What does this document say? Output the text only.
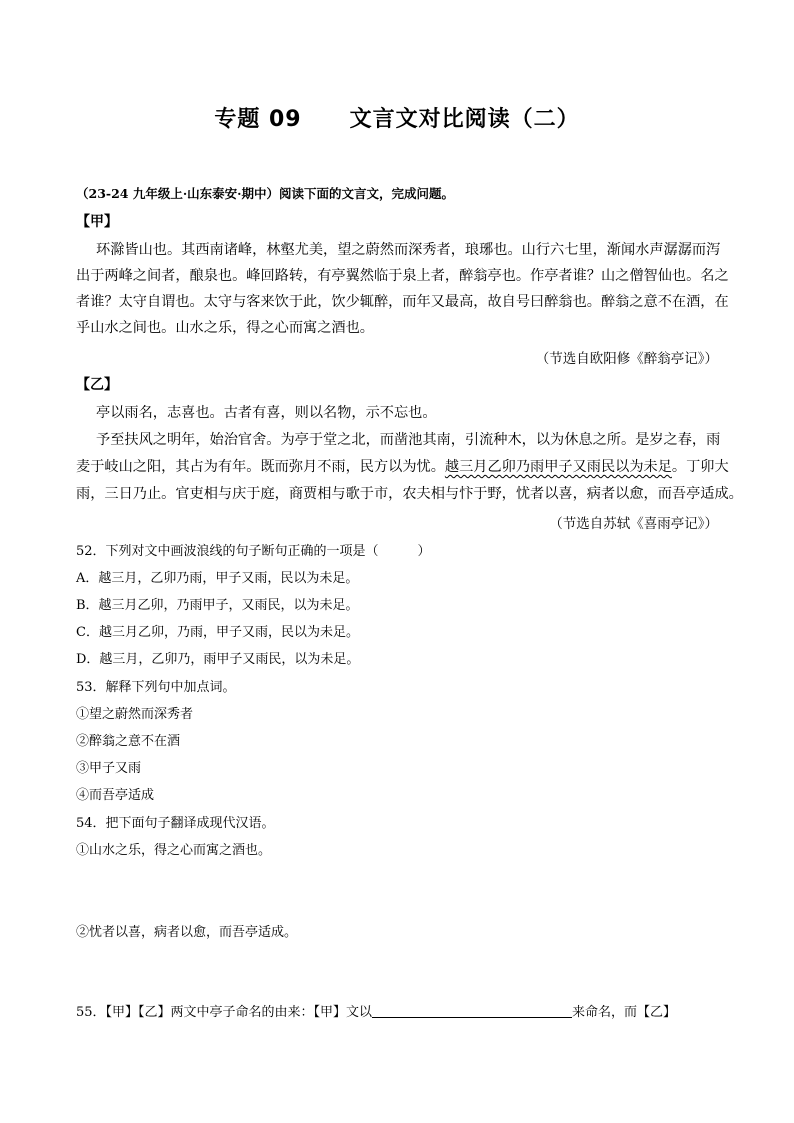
专题 09 文言文对比阅读（二）
（23-24 九年级上·山东泰安·期中）阅读下面的文言文，完成问题。
【甲】
环滁皆山也。其西南诸峰，林壑尤美，望之蔚然而深秀者，琅琊也。山行六七里，渐闻水声潺潺而泻
出于两峰之间者，酿泉也。峰回路转，有亭翼然临于泉上者，醉翁亭也。作亭者谁？山之僧智仙也。名之
者谁？太守自谓也。太守与客来饮于此，饮少辄醉，而年又最高，故自号曰醉翁也。醉翁之意不在酒，在
乎山水之间也。山水之乐，得之心而寓之酒也。
（节选自欧阳修《醉翁亭记》）
【乙】
亭以雨名，志喜也。古者有喜，则以名物，示不忘也。
予至扶风之明年，始治官舍。为亭于堂之北，而凿池其南，引流种木，以为休息之所。是岁之春，雨
麦于岐山之阳，其占为有年。既而弥月不雨，民方以为忧。越三月乙卯乃雨甲子又雨民以为未足。丁卯大
雨，三日乃止。官吏相与庆于庭，商贾相与歌于市，农夫相与忭于野，忧者以喜，病者以愈，而吾亭适成。
（节选自苏轼《喜雨亭记》）
52．下列对文中画波浪线的句子断句正确的一项是（　　　）
A．越三月，乙卯乃雨，甲子又雨，民以为未足。
B．越三月乙卯，乃雨甲子，又雨民，以为未足。
C．越三月乙卯，乃雨，甲子又雨，民以为未足。
D．越三月，乙卯乃，雨甲子又雨民，以为未足。
53．解释下列句中加点词。
①望之蔚然而深秀者
②醉翁之意不在酒
③甲子又雨
④而吾亭适成
54．把下面句子翻译成现代汉语。
①山水之乐，得之心而寓之酒也。
②忧者以喜，病者以愈，而吾亭适成。
55．【甲】【乙】两文中亭子命名的由来：【甲】文以	来命名，而【乙】
